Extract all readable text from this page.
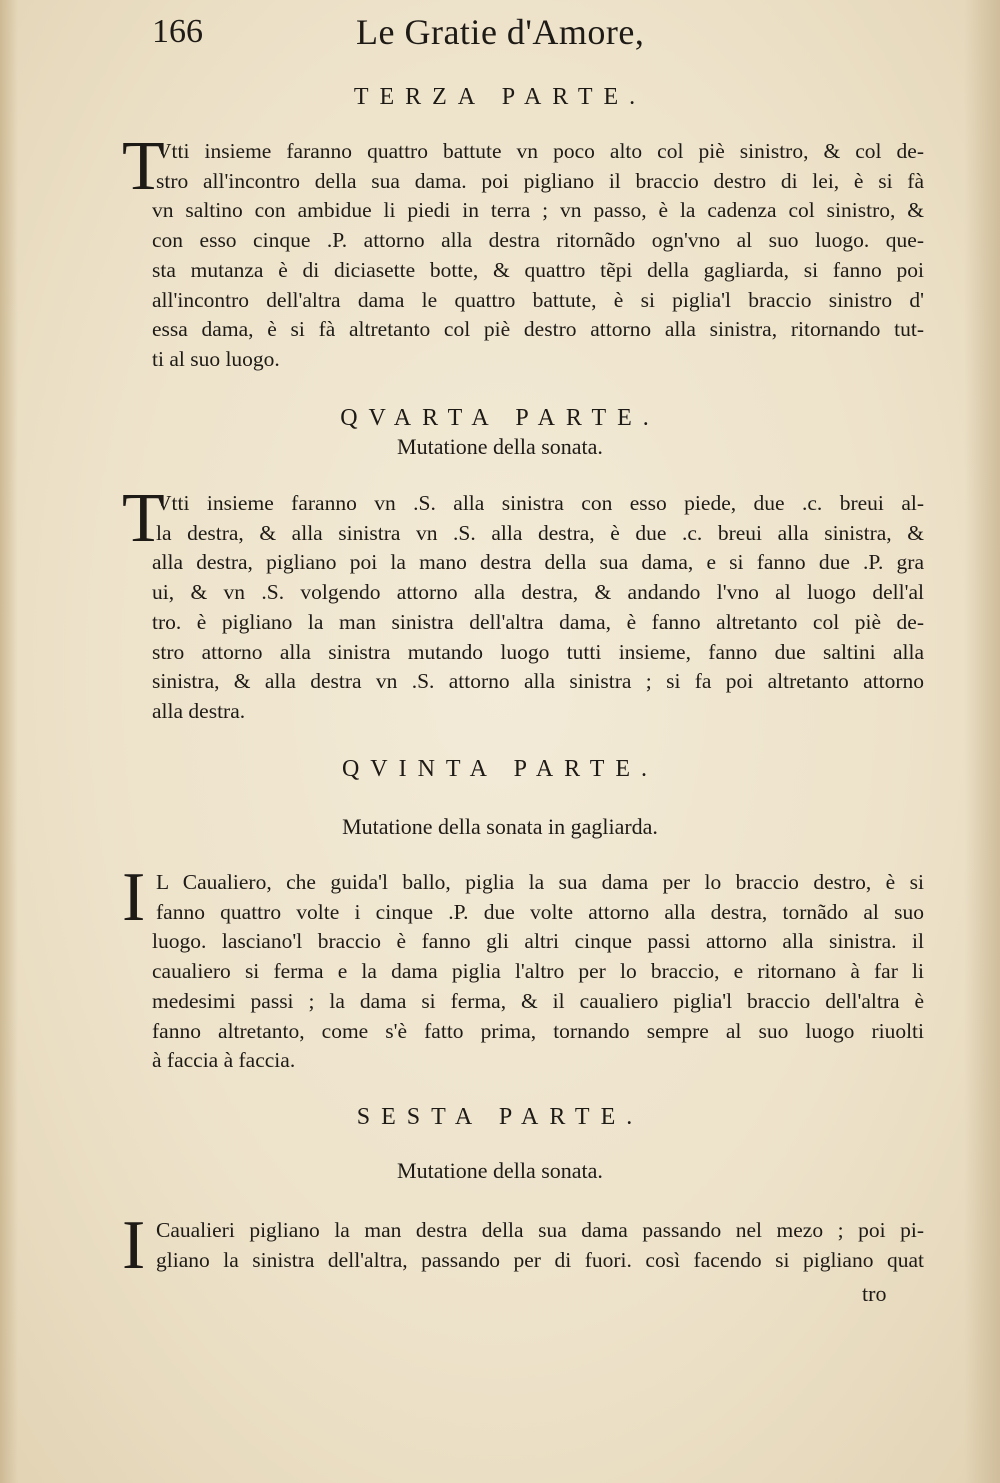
166	Le Gratie d'Amore,
TERZA PARTE.
T
Vtti insieme faranno quattro battute vn poco alto col piè sinistro, & col de-
stro all'incontro della sua dama. poi pigliano il braccio destro di lei, è si fà
vn saltino con ambidue li piedi in terra ; vn passo, è la cadenza col sinistro, &
con esso cinque .P. attorno alla destra ritornãdo ogn'vno al suo luogo. que-
sta mutanza è di diciasette botte, & quattro tẽpi della gagliarda, si fanno poi
all'incontro dell'altra dama le quattro battute, è si piglia'l braccio sinistro d'
essa dama, è si fà altretanto col piè destro attorno alla sinistra, ritornando tut-
ti al suo luogo.
QVARTA PARTE.
Mutatione della sonata.
T
Vtti insieme faranno vn .S. alla sinistra con esso piede, due .c. breui al-
la destra, & alla sinistra vn .S. alla destra, è due .c. breui alla sinistra, &
alla destra, pigliano poi la mano destra della sua dama, e si fanno due .P. gra
ui, & vn .S. volgendo attorno alla destra, & andando l'vno al luogo dell'al
tro. è pigliano la man sinistra dell'altra dama, è fanno altretanto col piè de-
stro attorno alla sinistra mutando luogo tutti insieme, fanno due saltini alla
sinistra, & alla destra vn .S. attorno alla sinistra ; si fa poi altretanto attorno
alla destra.
QVINTA PARTE.
Mutatione della sonata in gagliarda.
I L Caualiero, che guida'l ballo, piglia la sua dama per lo braccio destro, è si
fanno quattro volte i cinque .P. due volte attorno alla destra, tornãdo al suo
luogo. lasciano'l braccio è fanno gli altri cinque passi attorno alla sinistra. il
caualiero si ferma e la dama piglia l'altro per lo braccio, e ritornano à far li
medesimi passi ; la dama si ferma, & il caualiero piglia'l braccio dell'altra è
fanno altretanto, come s'è fatto prima, tornando sempre al suo luogo riuolti
à faccia à faccia.
SESTA PARTE.
Mutatione della sonata.
I Caualieri pigliano la man destra della sua dama passando nel mezo ; poi pi-
gliano la sinistra dell'altra, passando per di fuori. così facendo si pigliano quat
tro
